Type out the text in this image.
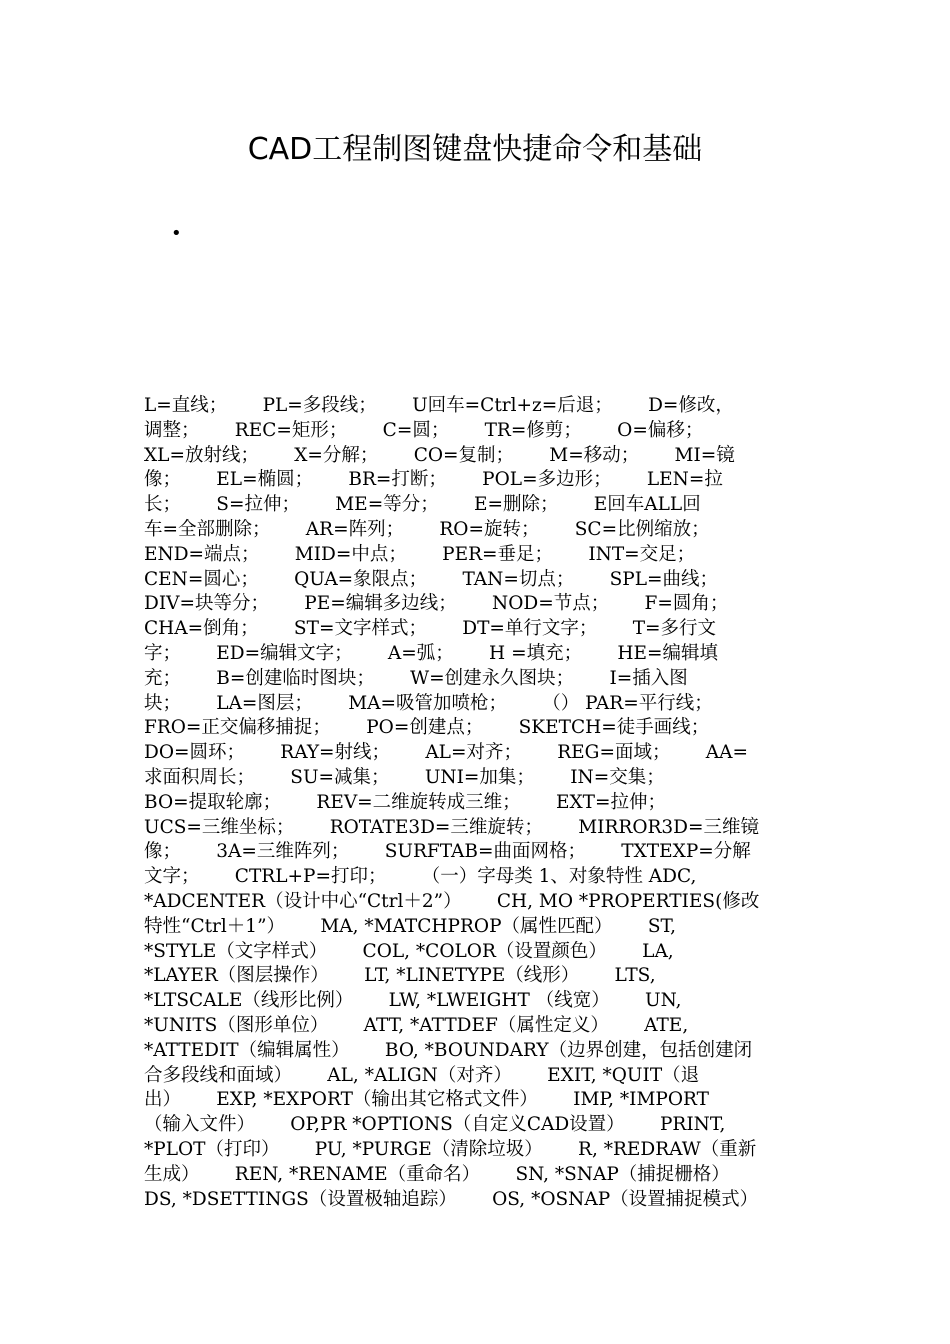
CAD工程制图键盘快捷命令和基础
•
L=直线；      PL=多段线；      U回车=Ctrl+z=后退；      D=修改，
调整；      REC=矩形；      C=圆；      TR=修剪；      O=偏移；
XL=放射线；      X=分解；      CO=复制；      M=移动；      MI=镜
像；      EL=椭圆；      BR=打断；      POL=多边形；      LEN=拉
长；      S=拉伸；      ME=等分；      E=删除；      E回车ALL回
车=全部删除；      AR=阵列；      RO=旋转；      SC=比例缩放；
END=端点；      MID=中点；      PER=垂足；      INT=交足；
CEN=圆心；      QUA=象限点；      TAN=切点；      SPL=曲线；
DIV=块等分；      PE=编辑多边线；      NOD=节点；      F=圆角；
CHA=倒角；      ST=文字样式；      DT=单行文字；      T=多行文
字；      ED=编辑文字；      A=弧；      H =填充；      HE=编辑填
充；      B=创建临时图块；      W=创建永久图块；      I=插入图
块；      LA=图层；      MA=吸管加喷枪；      （） PAR=平行线；
FRO=正交偏移捕捉；      PO=创建点；      SKETCH=徒手画线；
DO=圆环；      RAY=射线；      AL=对齐；      REG=面域；      AA=
求面积周长；      SU=减集；      UNI=加集；      IN=交集；
BO=提取轮廓；      REV=二维旋转成三维；      EXT=拉伸；
UCS=三维坐标；      ROTATE3D=三维旋转；      MIRROR3D=三维镜
像；      3A=三维阵列；      SURFTAB=曲面网格；      TXTEXP=分解
文字；      CTRL+P=打印；      （一）字母类 1、对象特性 ADC,
*ADCENTER（设计中心“Ctrl＋2”）      CH, MO *PROPERTIES(修改
特性“Ctrl＋1”）      MA, *MATCHPROP（属性匹配）      ST,
*STYLE（文字样式）      COL, *COLOR（设置颜色）      LA,
*LAYER（图层操作）      LT, *LINETYPE（线形）      LTS,
*LTSCALE（线形比例）      LW, *LWEIGHT （线宽）      UN,
*UNITS（图形单位）      ATT, *ATTDEF（属性定义）      ATE,
*ATTEDIT（编辑属性）      BO, *BOUNDARY（边界创建，包括创建闭
合多段线和面域）      AL, *ALIGN（对齐）      EXIT, *QUIT（退
出）      EXP, *EXPORT（输出其它格式文件）      IMP, *IMPORT
（输入文件）      OP,PR *OPTIONS（自定义CAD设置）      PRINT,
*PLOT（打印）      PU, *PURGE（清除垃圾）      R, *REDRAW（重新
生成）      REN, *RENAME（重命名）      SN, *SNAP（捕捉栅格）
DS, *DSETTINGS（设置极轴追踪）      OS, *OSNAP（设置捕捉模式）
